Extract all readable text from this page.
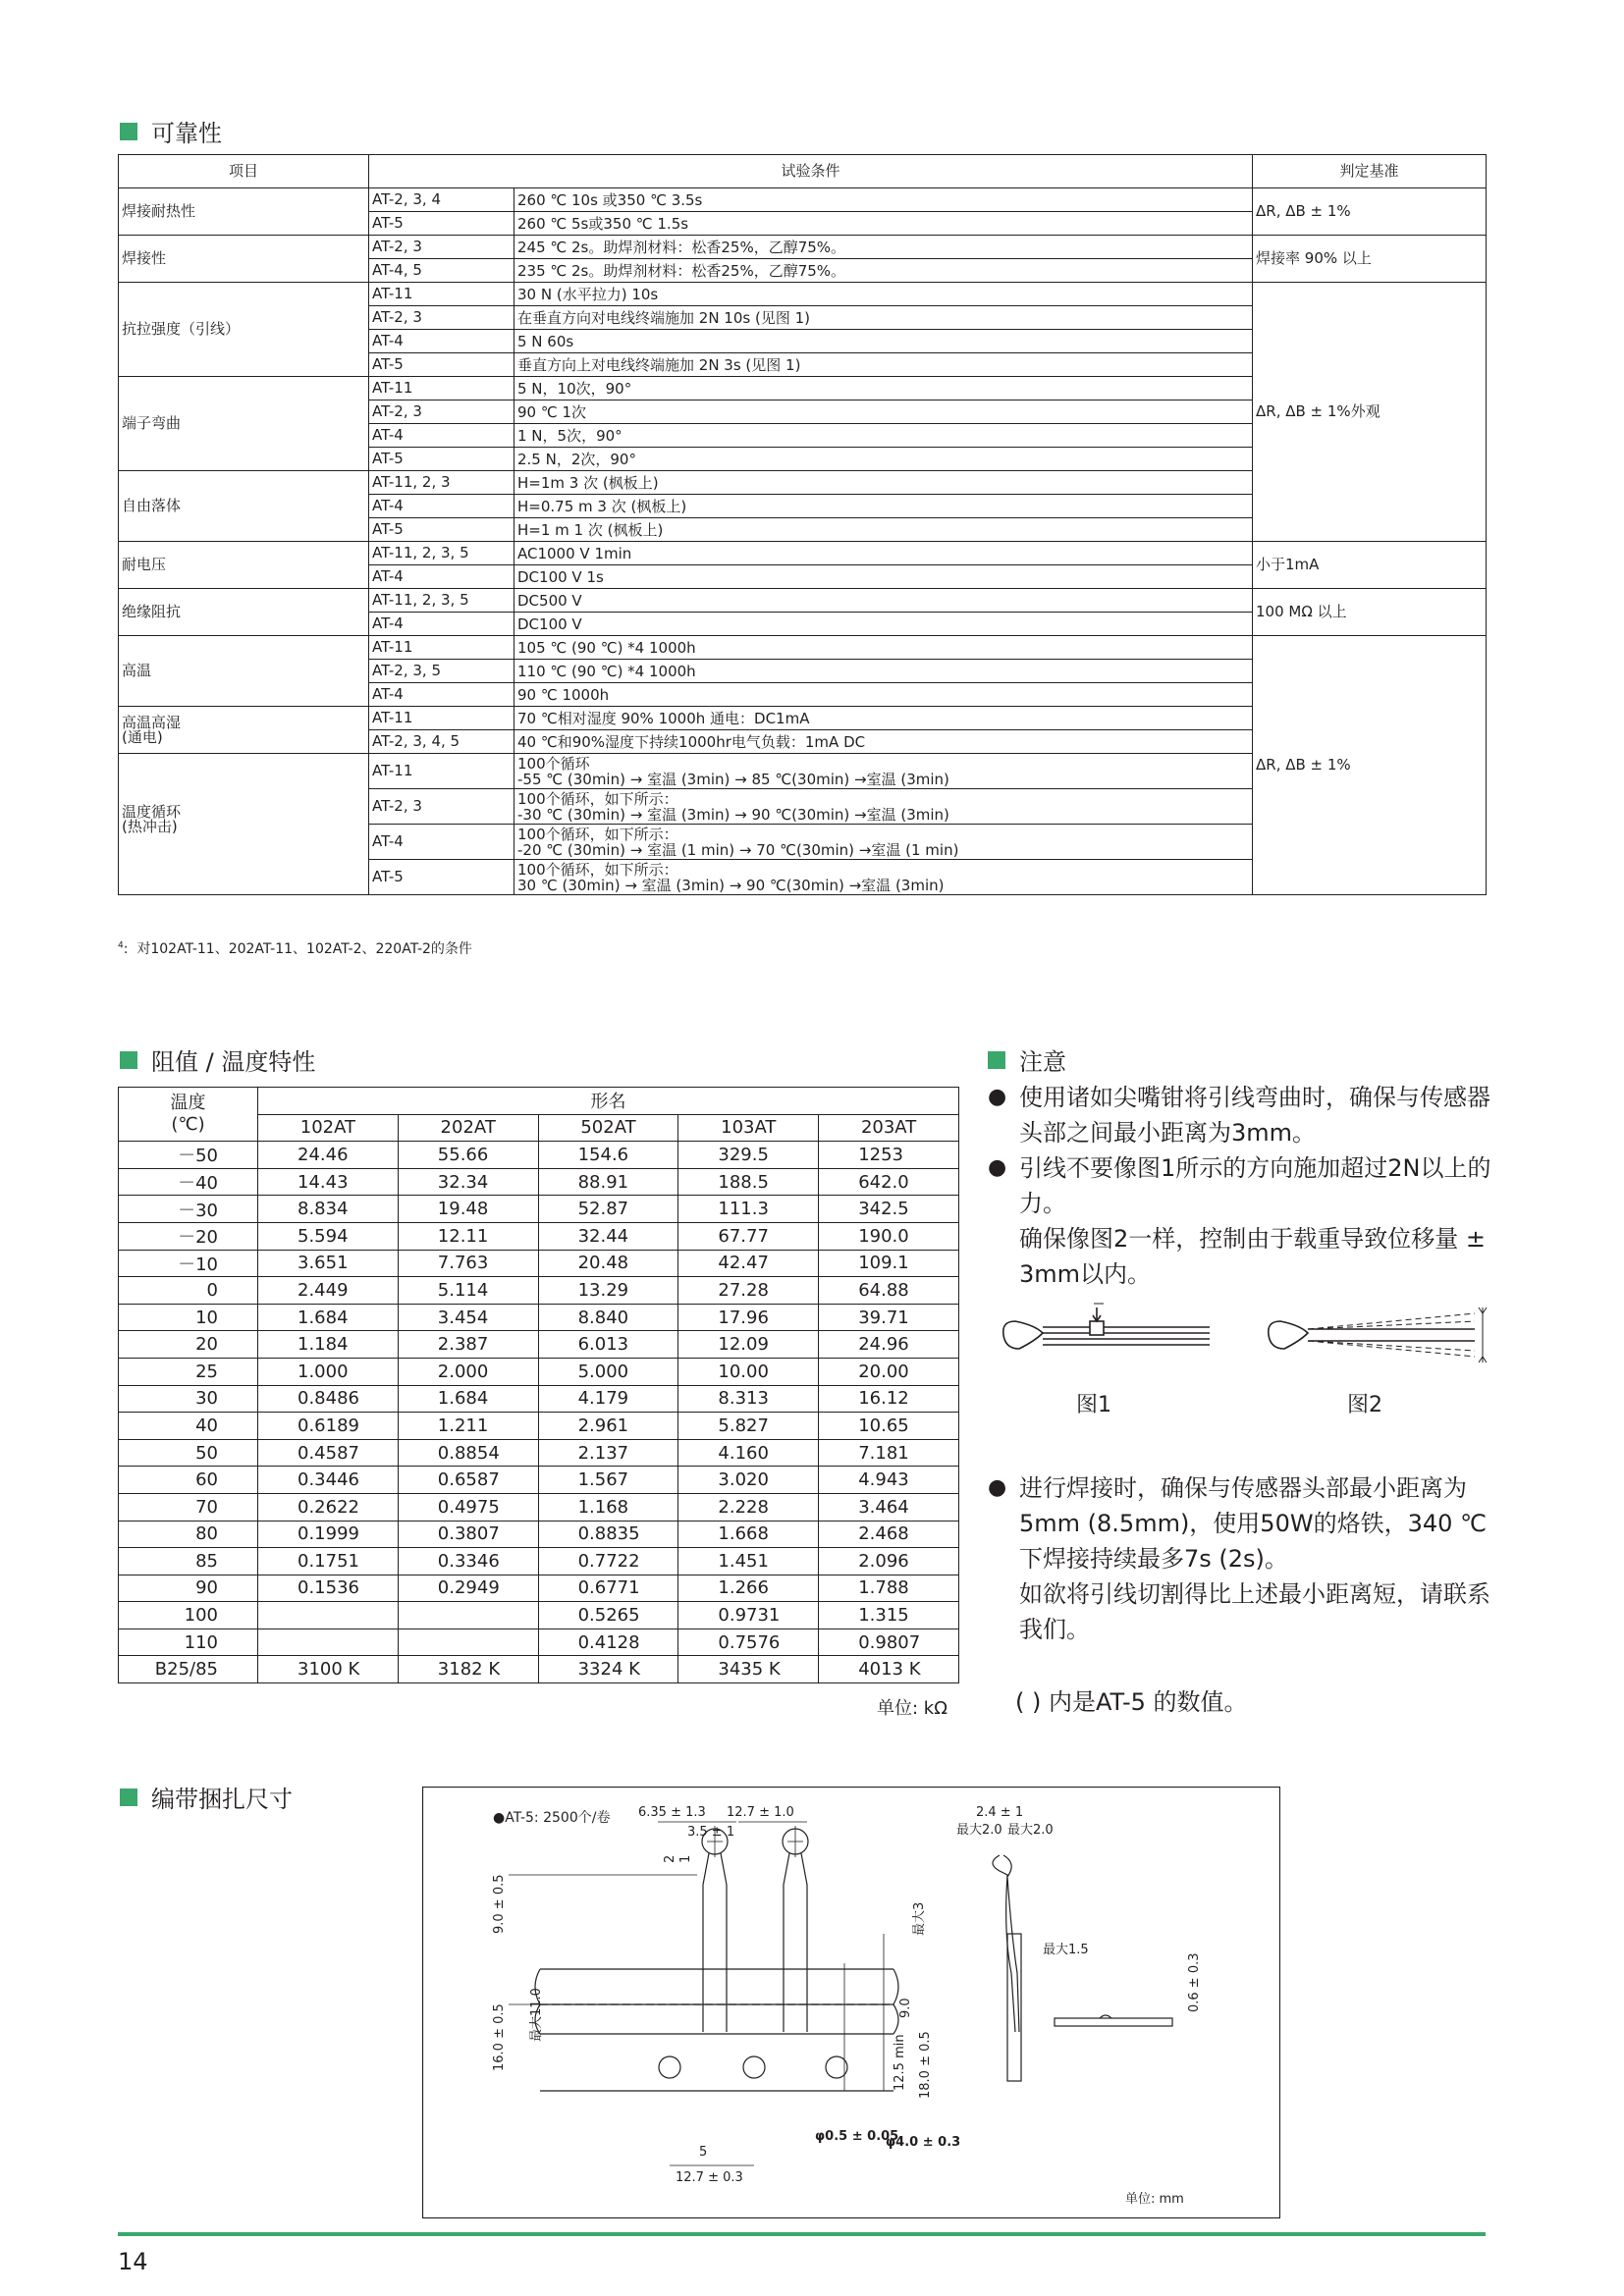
可靠性
项目	试验条件		判定基准
焊接耐热性	AT-2, 3, 4	260 ℃ 10s 或350 ℃ 3.5s	ΔR, ΔB ± 1%
	AT-5	260 ℃ 5s或350 ℃ 1.5s	
焊接性	AT-2, 3	245 ℃ 2s。助焊剂材料：松香25%，乙醇75%。	焊接率 90% 以上
	AT-4, 5	235 ℃ 2s。助焊剂材料：松香25%，乙醇75%。	
抗拉强度（引线）	AT-11	30 N (水平拉力) 10s	ΔR, ΔB ± 1%外观
	AT-2, 3	在垂直方向对电线终端施加 2N 10s (见图 1)	
	AT-4	5 N 60s	
	AT-5	垂直方向上对电线终端施加 2N 3s (见图 1)	
端子弯曲	AT-11	5 N，10次，90°	
	AT-2, 3	90 ℃ 1次	
	AT-4	1 N，5次，90°	
	AT-5	2.5 N，2次，90°	
自由落体	AT-11, 2, 3	H=1m 3 次 (枫板上)	
	AT-4	H=0.75 m 3 次 (枫板上)	
	AT-5	H=1 m 1 次 (枫板上)	
耐电压	AT-11, 2, 3, 5	AC1000 V 1min	小于1mA
	AT-4	DC100 V 1s	
绝缘阻抗	AT-11, 2, 3, 5	DC500 V	100 MΩ 以上
	AT-4	DC100 V	
高温	AT-11	105 ℃ (90 ℃) *4 1000h	ΔR, ΔB ± 1%
	AT-2, 3, 5	110 ℃ (90 ℃) *4 1000h	
	AT-4	90 ℃ 1000h	
高温高湿
(通电)	AT-11	70 ℃相对湿度 90% 1000h 通电：DC1mA	
	AT-2, 3, 4, 5	40 ℃和90%湿度下持续1000hr电气负载：1mA DC	
温度循环
(热冲击)	AT-11	100个循环
-55 ℃ (30min) → 室温 (3min) → 85 ℃(30min) →室温 (3min)	
	AT-2, 3	100个循环，如下所示：
-30 ℃ (30min) → 室温 (3min) → 90 ℃(30min) →室温 (3min)	
	AT-4	100个循环，如下所示：
-20 ℃ (30min) → 室温 (1 min) → 70 ℃(30min) →室温 (1 min)	
	AT-5	100个循环，如下所示：
30 ℃ (30min) → 室温 (3min) → 90 ℃(30min) →室温 (3min)	
$^4$:  对102AT-11、202AT-11、102AT-2、220AT-2的条件
阻值 / 温度特性
温度
(℃)	形名				
	102AT	202AT	502AT	103AT	203AT
－50	24.46	55.66	154.6	329.5	1253
－40	14.43	32.34	88.91	188.5	642.0
－30	8.834	19.48	52.87	111.3	342.5
－20	5.594	12.11	32.44	67.77	190.0
－10	3.651	7.763	20.48	42.47	109.1
0	2.449	5.114	13.29	27.28	64.88
10	1.684	3.454	8.840	17.96	39.71
20	1.184	2.387	6.013	12.09	24.96
25	1.000	2.000	5.000	10.00	20.00
30	0.8486	1.684	4.179	8.313	16.12
40	0.6189	1.211	2.961	5.827	10.65
50	0.4587	0.8854	2.137	4.160	7.181
60	0.3446	0.6587	1.567	3.020	4.943
70	0.2622	0.4975	1.168	2.228	3.464
80	0.1999	0.3807	0.8835	1.668	2.468
85	0.1751	0.3346	0.7722	1.451	2.096
90	0.1536	0.2949	0.6771	1.266	1.788
100			0.5265	0.9731	1.315
110			0.4128	0.7576	0.9807
B25/85	3100 K	3182 K	3324 K	3435 K	4013 K
单位: kΩ
注意
● 使用诸如尖嘴钳将引线弯曲时，确保与传感器头部之间最小距离为3mm。
● 引线不要像图1所示的方向施加超过2N以上的力。
确保像图2一样，控制由于载重导致位移量 ± 3mm以内。
图1	图2
● 进行焊接时，确保与传感器头部最小距离为5mm (8.5mm)，使用50W的烙铁，340 ℃下焊接持续最多7s (2s)。
如欲将引线切割得比上述最小距离短，请联系我们。
( ) 内是AT-5 的数值。
编带捆扎尺寸
●AT-5: 2500个/卷 6.35 ± 1.3 12.7 ± 1.0
3.5 ± 1
2.4 ± 1
最大2.0 最大2.0
最大1.5
最大3
0.6 ± 0.3
9.0 ± 0.5
16.0 ± 0.5 最大11.0
12.5 min 18.0 ± 0.5
φ0.5 ± 0.05
φ4.0 ± 0.3
12.7 ± 0.3
9.0
5
2 1
单位: mm
14
